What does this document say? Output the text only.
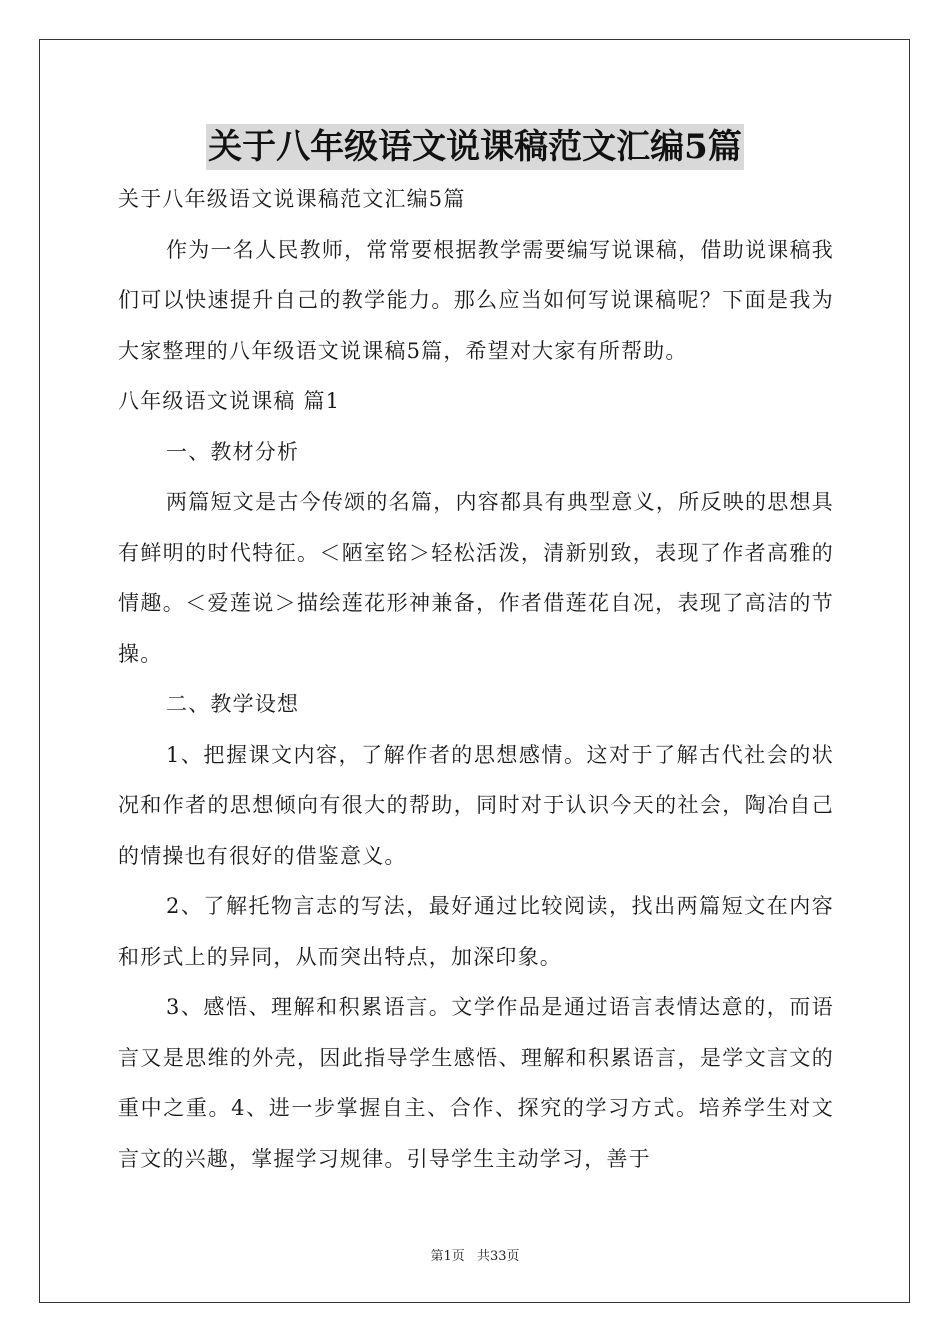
关于八年级语文说课稿范文汇编5篇
关于八年级语文说课稿范文汇编5篇

作为一名人民教师，常常要根据教学需要编写说课稿，借助说课稿我们可以快速提升自己的教学能力。那么应当如何写说课稿呢？下面是我为大家整理的八年级语文说课稿5篇，希望对大家有所帮助。

八年级语文说课稿 篇1
一、教材分析

两篇短文是古今传颂的名篇，内容都具有典型意义，所反映的思想具有鲜明的时代特征。＜陋室铭＞轻松活泼，清新别致，表现了作者高雅的情趣。＜爱莲说＞描绘莲花形神兼备，作者借莲花自况，表现了高洁的节操。

二、教学设想

1、把握课文内容，了解作者的思想感情。这对于了解古代社会的状况和作者的思想倾向有很大的帮助，同时对于认识今天的社会，陶冶自己的情操也有很好的借鉴意义。

2、了解托物言志的写法，最好通过比较阅读，找出两篇短文在内容和形式上的异同，从而突出特点，加深印象。

3、感悟、理解和积累语言。文学作品是通过语言表情达意的，而语言又是思维的外壳，因此指导学生感悟、理解和积累语言，是学文言文的重中之重。4、进一步掌握自主、合作、探究的学习方式。培养学生对文言文的兴趣，掌握学习规律。引导学生主动学习，善于

第1页 共33页
